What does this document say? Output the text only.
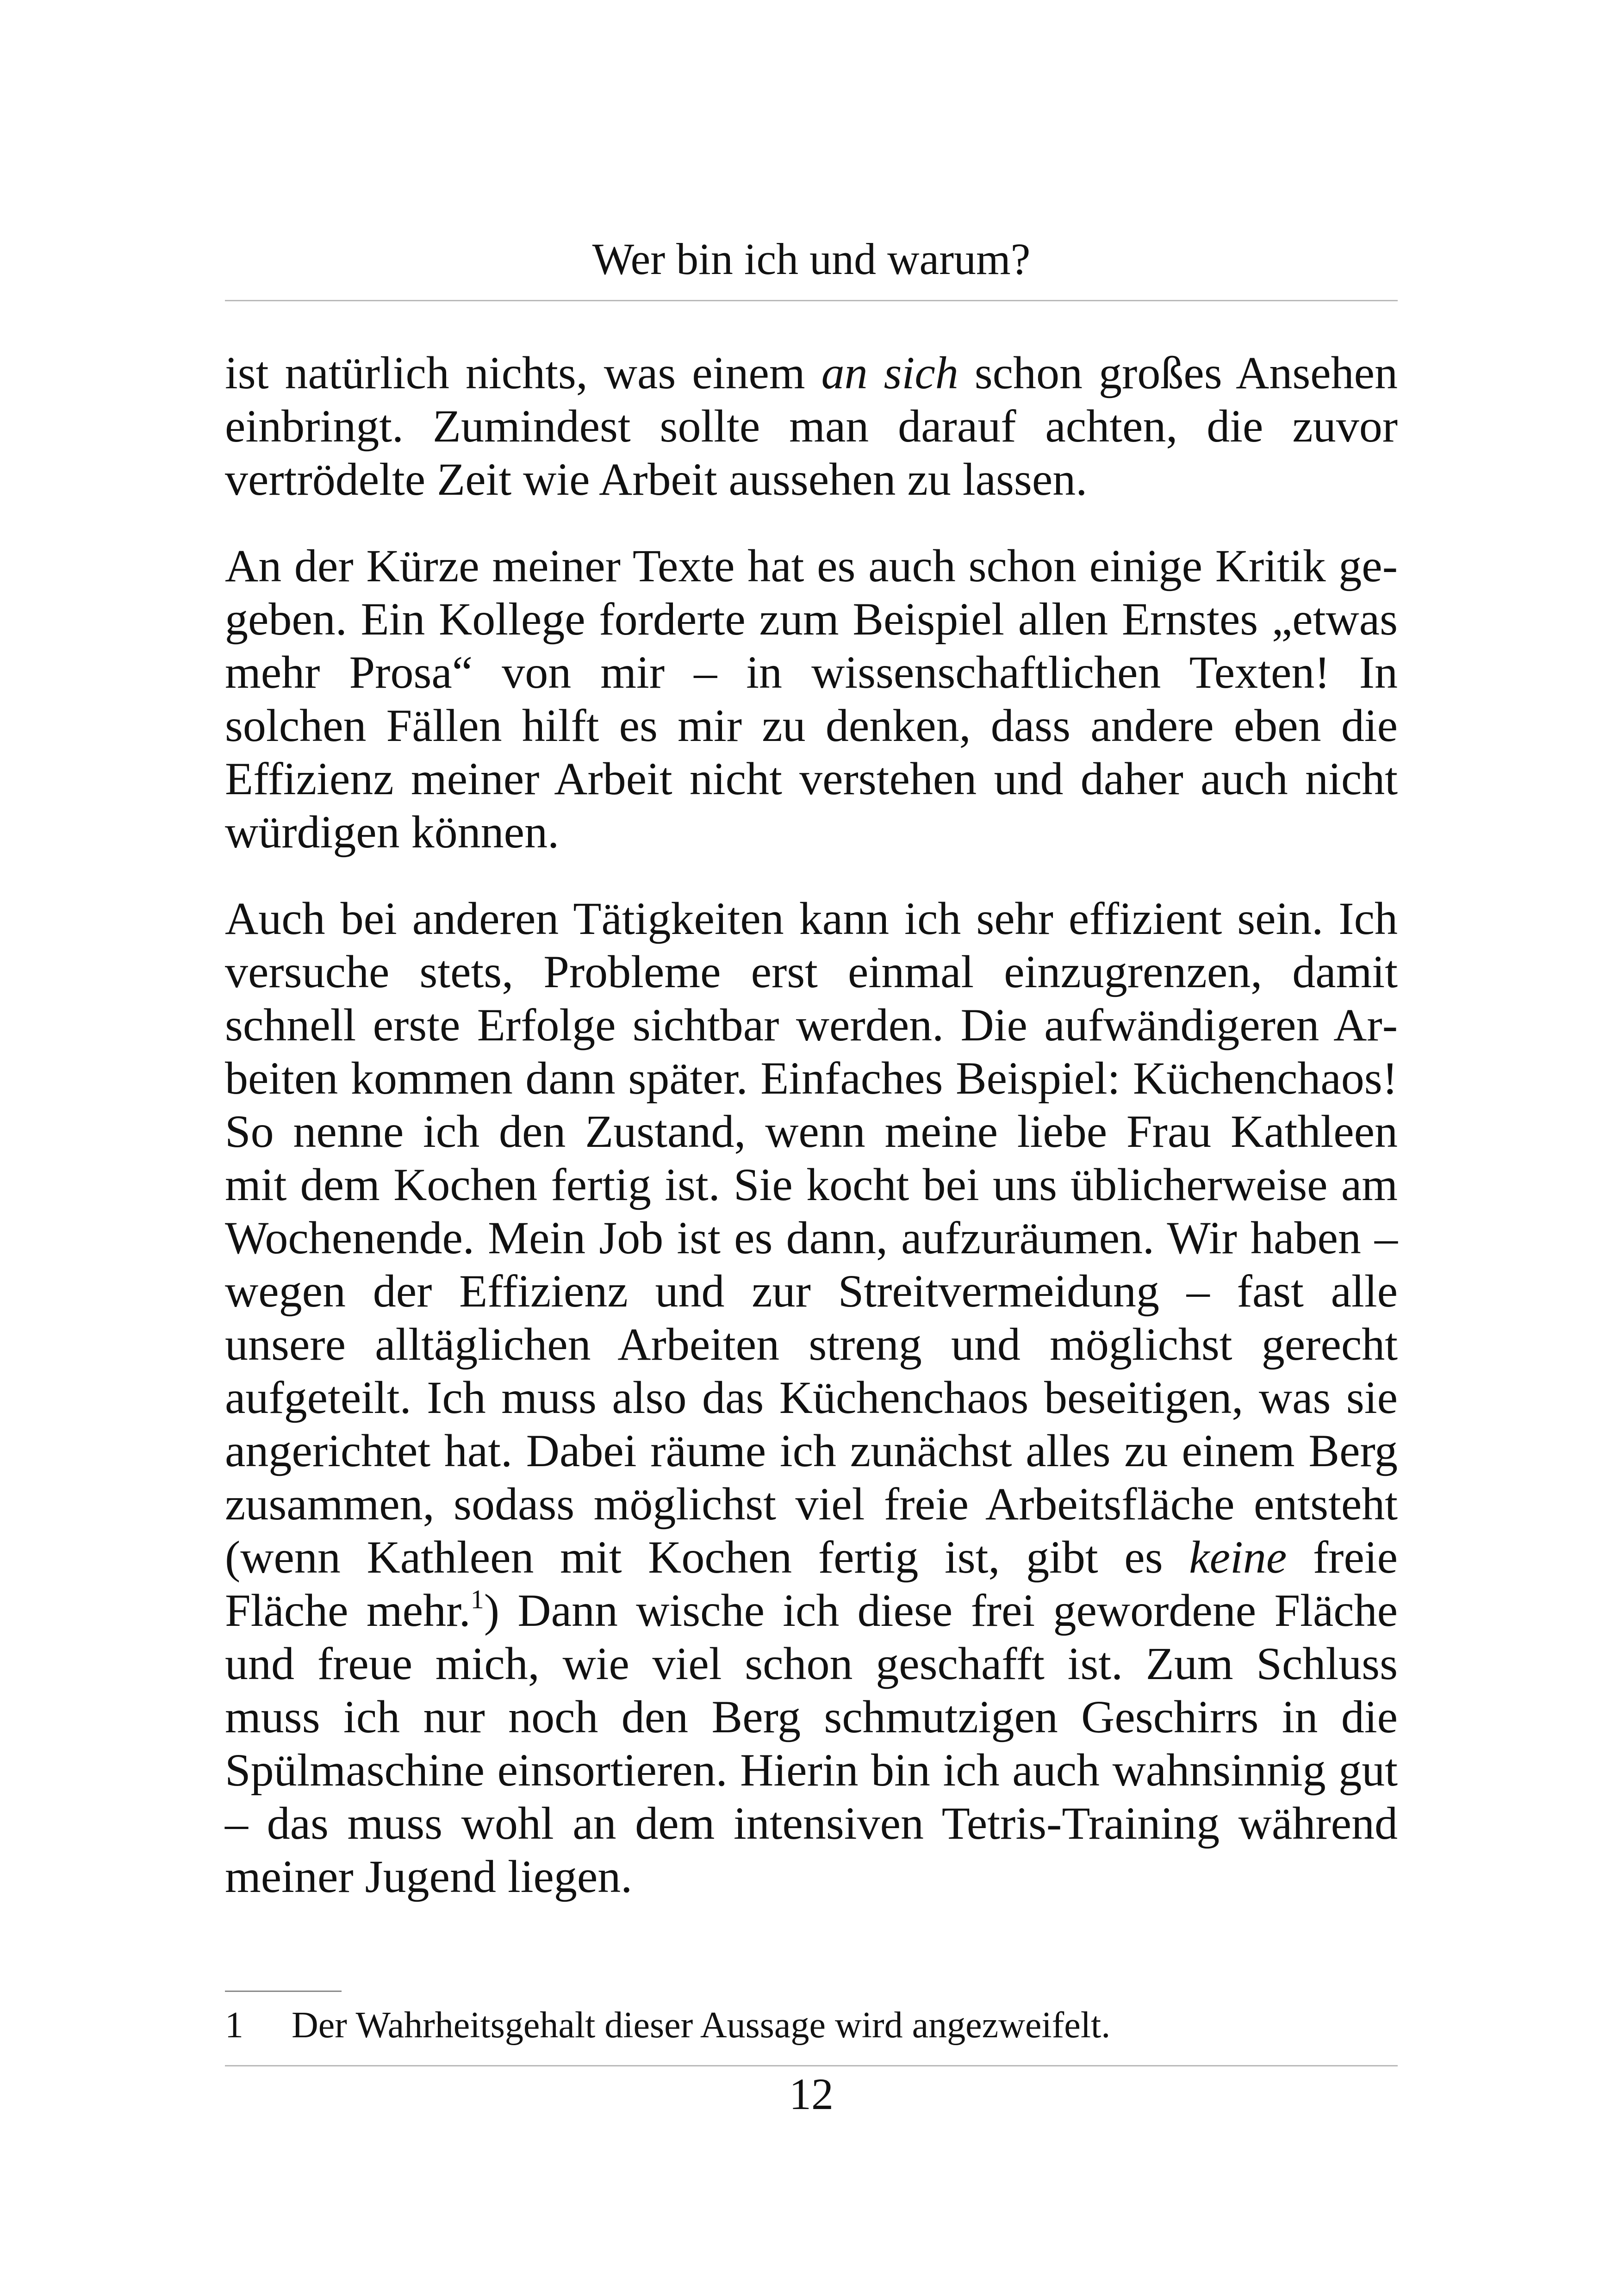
Wer bin ich und warum?

ist natürlich nichts, was einem an sich schon großes Ansehen einbringt. Zumindest sollte man darauf achten, die zuvor vertrödelte Zeit wie Arbeit aussehen zu lassen.

An der Kürze meiner Texte hat es auch schon einige Kritik gegeben. Ein Kollege forderte zum Beispiel allen Ernstes „etwas mehr Prosa“ von mir – in wissenschaftlichen Texten! In solchen Fällen hilft es mir zu denken, dass andere eben die Effizienz meiner Arbeit nicht verstehen und daher auch nicht würdigen können.

Auch bei anderen Tätigkeiten kann ich sehr effizient sein. Ich versuche stets, Probleme erst einmal einzugrenzen, damit schnell erste Erfolge sichtbar werden. Die aufwändigeren Arbeiten kommen dann später. Einfaches Beispiel: Küchenchaos! So nenne ich den Zustand, wenn meine liebe Frau Kathleen mit dem Kochen fertig ist. Sie kocht bei uns üblicherweise am Wochenende. Mein Job ist es dann, aufzuräumen. Wir haben – wegen der Effizienz und zur Streitvermeidung – fast alle unsere alltäglichen Arbeiten streng und möglichst gerecht aufgeteilt. Ich muss also das Küchenchaos beseitigen, was sie angerichtet hat. Dabei räume ich zunächst alles zu einem Berg zusammen, sodass möglichst viel freie Arbeitsfläche entsteht (wenn Kathleen mit Kochen fertig ist, gibt es keine freie Fläche mehr.$^1$) Dann wische ich diese frei gewordene Fläche und freue mich, wie viel schon geschafft ist. Zum Schluss muss ich nur noch den Berg schmutzigen Geschirrs in die Spülmaschine einsortieren. Hierin bin ich auch wahnsinnig gut – das muss wohl an dem intensiven Tetris-Training während meiner Jugend liegen.

1 Der Wahrheitsgehalt dieser Aussage wird angezweifelt.
12
